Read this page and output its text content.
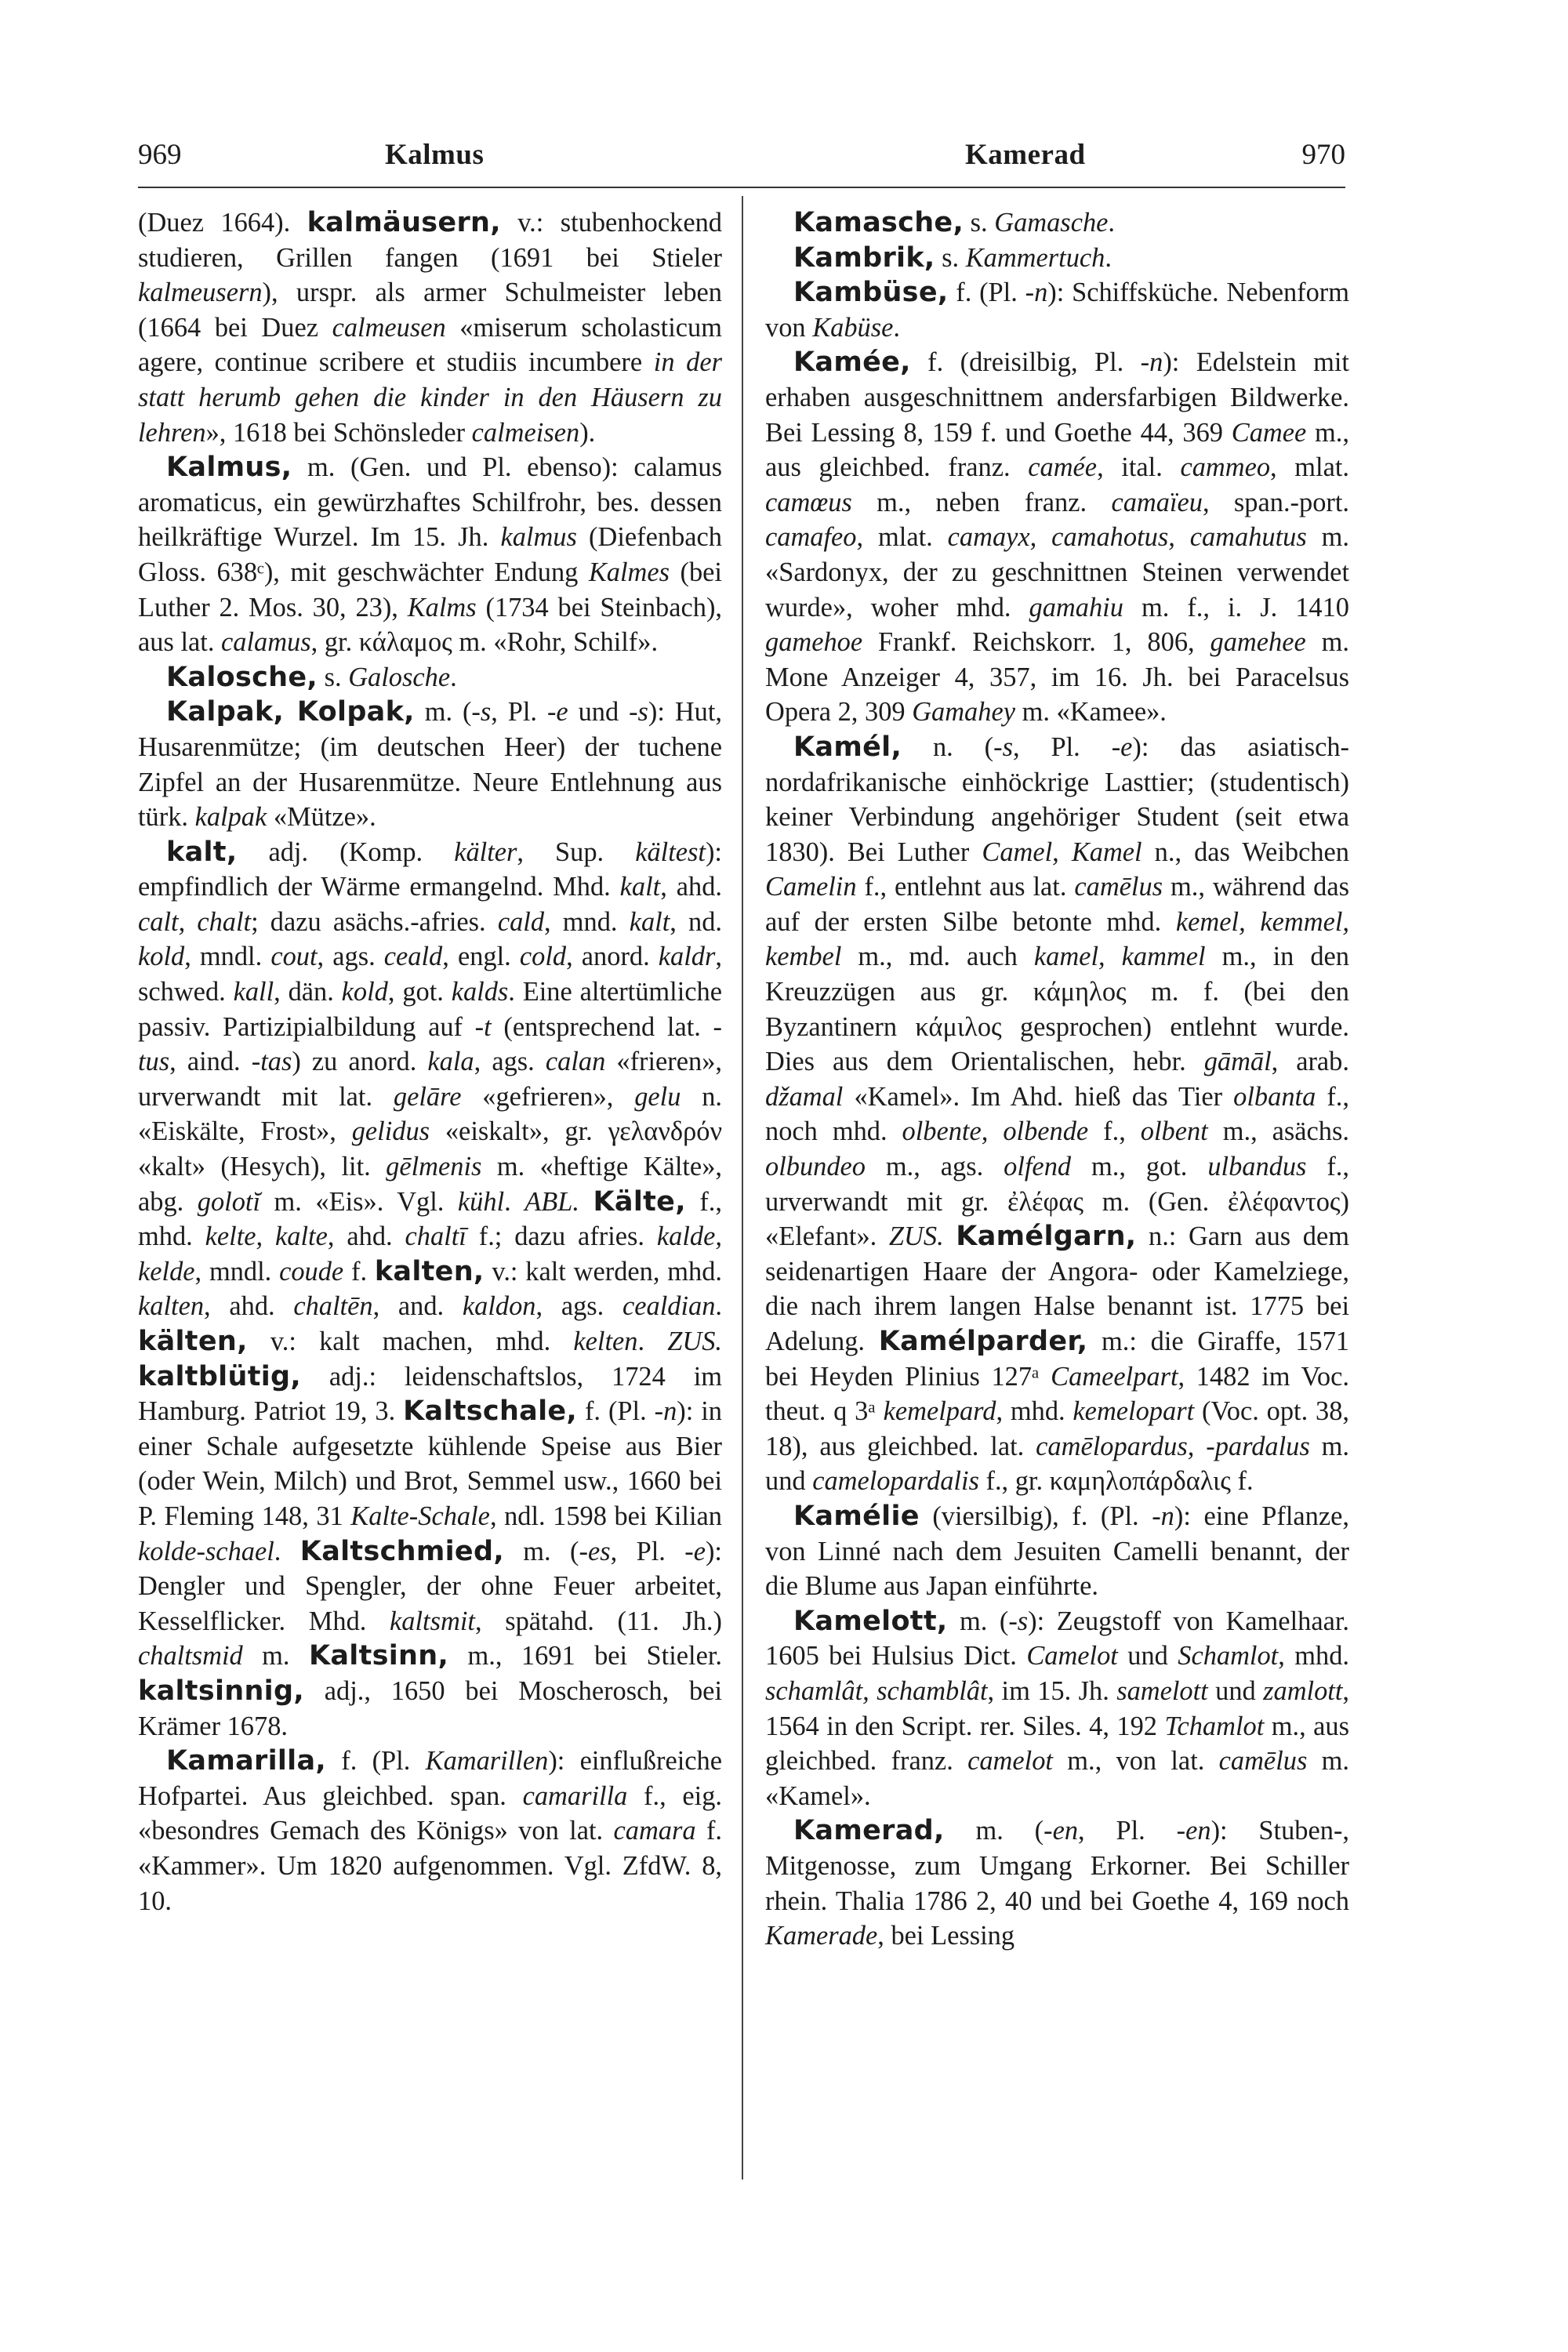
969	Kalmus	Kamerad	970

(Duez 1664). kalmäusern, v.: stubenhockend studieren, Grillen fangen (1691 bei Stieler kalmeusern), urspr. als armer Schulmeister leben (1664 bei Duez calmeusen «miserum scholasticum agere, continue scribere et studiis incumbere in der statt herumb gehen die kinder in den Häusern zu lehren», 1618 bei Schönsleder calmeisen).

Kalmus, m. (Gen. und Pl. ebenso): calamus aromaticus, ein gewürzhaftes Schilfrohr, bes. dessen heilkräftige Wurzel. Im 15. Jh. kalmus (Diefenbach Gloss. 638ᶜ), mit geschwächter Endung Kalmes (bei Luther 2. Mos. 30, 23), Kalms (1734 bei Steinbach), aus lat. calamus, gr. κάλαμος m. «Rohr, Schilf».

Kalosche, s. Galosche.

Kalpak, Kolpak, m. (-s, Pl. -e und -s): Hut, Husarenmütze; (im deutschen Heer) der tuchene Zipfel an der Husarenmütze. Neure Entlehnung aus türk. kalpak «Mütze».

kalt, adj. (Komp. kälter, Sup. kältest): empfindlich der Wärme ermangelnd. Mhd. kalt, ahd. calt, chalt; dazu asächs.-afries. cald, mnd. kalt, nd. kold, mndl. cout, ags. ceald, engl. cold, anord. kaldr, schwed. kall, dän. kold, got. kalds. Eine altertümliche passiv. Partizipialbildung auf -t (entsprechend lat. -tus, aind. -tas) zu anord. kala, ags. calan «frieren», urverwandt mit lat. gelāre «gefrieren», gelu n. «Eiskälte, Frost», gelidus «eiskalt», gr. γελανδρόν «kalt» (Hesych), lit. gēlmenis m. «heftige Kälte», abg. golotĭ m. «Eis». Vgl. kühl. ABL. Kälte, f., mhd. kelte, kalte, ahd. chaltī f.; dazu afries. kalde, kelde, mndl. coude f. kalten, v.: kalt werden, mhd. kalten, ahd. chaltēn, and. kaldon, ags. cealdian. kälten, v.: kalt machen, mhd. kelten. ZUS. kaltblütig, adj.: leidenschaftslos, 1724 im Hamburg. Patriot 19, 3. Kaltschale, f. (Pl. -n): in einer Schale aufgesetzte kühlende Speise aus Bier (oder Wein, Milch) und Brot, Semmel usw., 1660 bei P. Fleming 148, 31 Kalte-Schale, ndl. 1598 bei Kilian kolde-schael. Kaltschmied, m. (-es, Pl. -e): Dengler und Spengler, der ohne Feuer arbeitet, Kesselflicker. Mhd. kaltsmit, spätahd. (11. Jh.) chaltsmid m. Kaltsinn, m., 1691 bei Stieler. kaltsinnig, adj., 1650 bei Moscherosch, bei Krämer 1678.

Kamarilla, f. (Pl. Kamarillen): einflußreiche Hofpartei. Aus gleichbed. span. camarilla f., eig. «besondres Gemach des Königs» von lat. camara f. «Kammer». Um 1820 aufgenommen. Vgl. ZfdW. 8, 10.

Kamasche, s. Gamasche.

Kambrik, s. Kammertuch.

Kambüse, f. (Pl. -n): Schiffsküche. Nebenform von Kabüse.

Kamée, f. (dreisilbig, Pl. -n): Edelstein mit erhaben ausgeschnittnem andersfarbigen Bildwerke. Bei Lessing 8, 159 f. und Goethe 44, 369 Camee m., aus gleichbed. franz. camée, ital. cammeo, mlat. camœus m., neben franz. camaïeu, span.-port. camafeo, mlat. camayx, camahotus, camahutus m. «Sardonyx, der zu geschnittnen Steinen verwendet wurde», woher mhd. gamahiu m. f., i. J. 1410 gamehoe Frankf. Reichskorr. 1, 806, gamehee m. Mone Anzeiger 4, 357, im 16. Jh. bei Paracelsus Opera 2, 309 Gamahey m. «Kamee».

Kamél, n. (-s, Pl. -e): das asiatisch-nordafrikanische einhöckrige Lasttier; (studentisch) keiner Verbindung angehöriger Student (seit etwa 1830). Bei Luther Camel, Kamel n., das Weibchen Camelin f., entlehnt aus lat. camēlus m., während das auf der ersten Silbe betonte mhd. kemel, kemmel, kembel m., md. auch kamel, kammel m., in den Kreuzzügen aus gr. κάμηλος m. f. (bei den Byzantinern κάμιλος gesprochen) entlehnt wurde. Dies aus dem Orientalischen, hebr. gāmāl, arab. džamal «Kamel». Im Ahd. hieß das Tier olbanta f., noch mhd. olbente, olbende f., olbent m., asächs. olbundeo m., ags. olfend m., got. ulbandus f., urverwandt mit gr. ἐλέφας m. (Gen. ἐλέφαντος) «Elefant». ZUS. Kamélgarn, n.: Garn aus dem seidenartigen Haare der Angora- oder Kamelziege, die nach ihrem langen Halse benannt ist. 1775 bei Adelung. Kamélparder, m.: die Giraffe, 1571 bei Heyden Plinius 127ᵃ Cameelpart, 1482 im Voc. theut. q 3ᵃ kemelpard, mhd. kemelopart (Voc. opt. 38, 18), aus gleichbed. lat. camēlopardus, -pardalus m. und camelopardalis f., gr. καμηλοπάρδαλις f.

Kamélie (viersilbig), f. (Pl. -n): eine Pflanze, von Linné nach dem Jesuiten Camelli benannt, der die Blume aus Japan einführte.

Kamelott, m. (-s): Zeugstoff von Kamelhaar. 1605 bei Hulsius Dict. Camelot und Schamlot, mhd. schamlât, schamblât, im 15. Jh. samelott und zamlott, 1564 in den Script. rer. Siles. 4, 192 Tchamlot m., aus gleichbed. franz. camelot m., von lat. camēlus m. «Kamel».

Kamerad, m. (-en, Pl. -en): Stuben-, Mitgenosse, zum Umgang Erkorner. Bei Schiller rhein. Thalia 1786 2, 40 und bei Goethe 4, 169 noch Kamerade, bei Lessing
